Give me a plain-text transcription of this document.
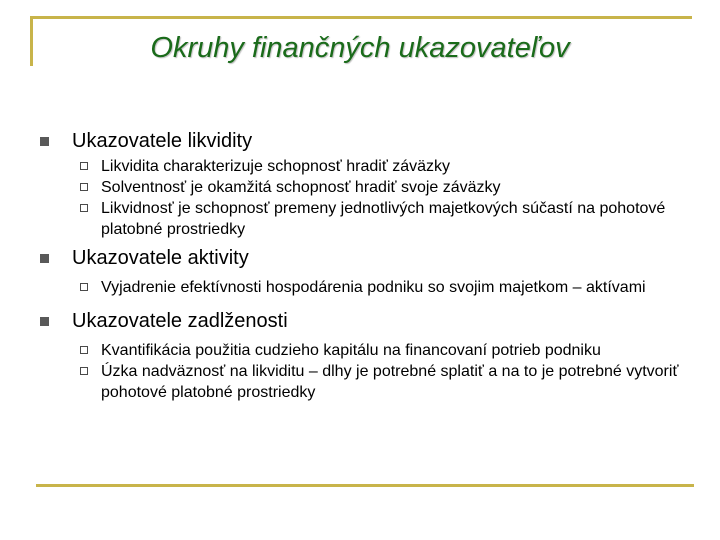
Okruhy finančných ukazovateľov
Ukazovatele likvidity
Likvidita charakterizuje schopnosť hradiť záväzky
Solventnosť je okamžitá schopnosť hradiť svoje záväzky
Likvidnosť je schopnosť premeny jednotlivých majetkových súčastí na pohotové platobné prostriedky
Ukazovatele aktivity
Vyjadrenie efektívnosti hospodárenia podniku so svojim majetkom – aktívami
Ukazovatele zadlženosti
Kvantifikácia použitia cudzieho kapitálu na financovaní potrieb podniku
Úzka nadväznosť na likviditu – dlhy je potrebné splatiť a na to je potrebné vytvoriť pohotové platobné prostriedky
